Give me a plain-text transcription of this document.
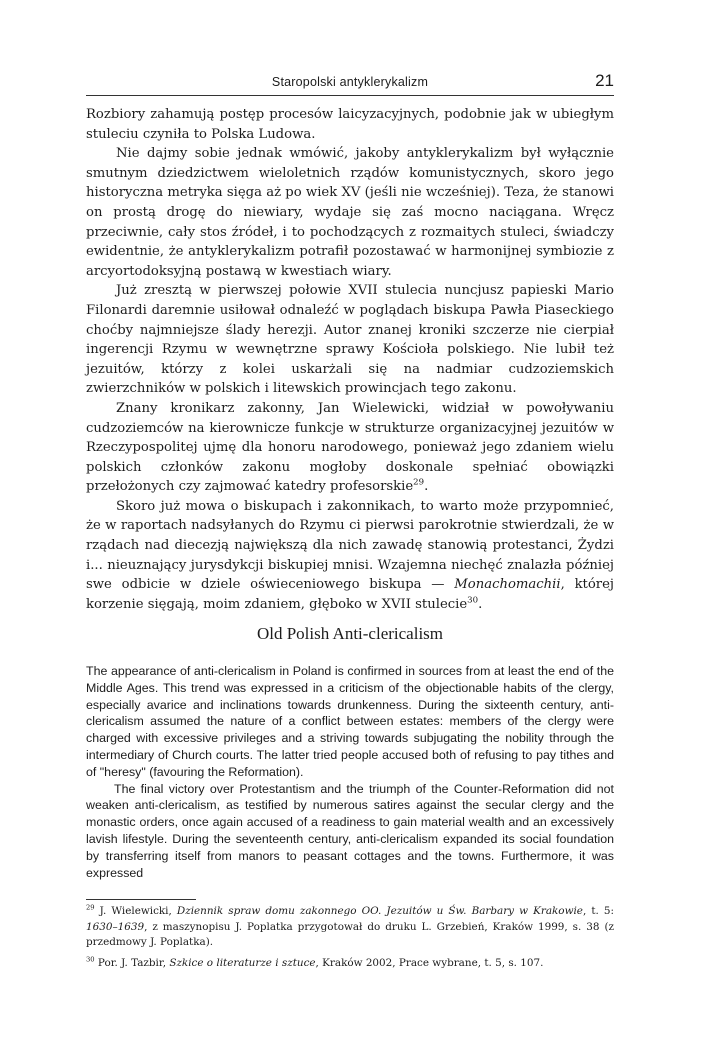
Staropolski antyklerykalizm	21

Rozbiory zahamują postęp procesów laicyzacyjnych, podobnie jak w ubiegłym stuleciu czyniła to Polska Ludowa.

Nie dajmy sobie jednak wmówić, jakoby antyklerykalizm był wyłącznie smutnym dziedzictwem wieloletnich rządów komunistycznych, skoro jego historyczna metryka sięga aż po wiek XV (jeśli nie wcześniej). Teza, że stanowi on prostą drogę do niewiary, wydaje się zaś mocno naciągana. Wręcz przeciwnie, cały stos źródeł, i to pochodzących z rozmaitych stuleci, świadczy ewidentnie, że antyklerykalizm potrafił pozostawać w harmonijnej symbiozie z arcyortodoksyjną postawą w kwestiach wiary.

Już zresztą w pierwszej połowie XVII stulecia nuncjusz papieski Mario Filonardi daremnie usiłował odnaleźć w poglądach biskupa Pawła Piaseckiego choćby najmniejsze ślady herezji. Autor znanej kroniki szczerze nie cierpiał ingerencji Rzymu w wewnętrzne sprawy Kościoła polskiego. Nie lubił też jezuitów, którzy z kolei uskarżali się na nadmiar cudzoziemskich zwierzchników w polskich i litewskich prowincjach tego zakonu.

Znany kronikarz zakonny, Jan Wielewicki, widział w powoływaniu cudzoziemców na kierownicze funkcje w strukturze organizacyjnej jezuitów w Rzeczypospolitej ujmę dla honoru narodowego, ponieważ jego zdaniem wielu polskich członków zakonu mogłoby doskonale spełniać obowiązki przełożonych czy zajmować katedry profesorskie$^{29}$.

Skoro już mowa o biskupach i zakonnikach, to warto może przypomnieć, że w raportach nadsyłanych do Rzymu ci pierwsi parokrotnie stwierdzali, że w rządach nad diecezją największą dla nich zawadę stanowią protestanci, Żydzi i... nieuznający jurysdykcji biskupiej mnisi. Wzajemna niechęć znalazła później swe odbicie w dziele oświeceniowego biskupa — Monachomachii, której korzenie sięgają, moim zdaniem, głęboko w XVII stulecie$^{30}$.

Old Polish Anti-clericalism

The appearance of anti-clericalism in Poland is confirmed in sources from at least the end of the Middle Ages. This trend was expressed in a criticism of the objectionable habits of the clergy, especially avarice and inclinations towards drunkenness. During the sixteenth century, anti-clericalism assumed the nature of a conflict between estates: members of the clergy were charged with excessive privileges and a striving towards subjugating the nobility through the intermediary of Church courts. The latter tried people accused both of refusing to pay tithes and of "heresy" (favouring the Reformation).

The final victory over Protestantism and the triumph of the Counter-Reformation did not weaken anti-clericalism, as testified by numerous satires against the secular clergy and the monastic orders, once again accused of a readiness to gain material wealth and an excessively lavish lifestyle. During the seventeenth century, anti-clericalism expanded its social foundation by transferring itself from manors to peasant cottages and the towns. Furthermore, it was expressed

$^{29}$ J. Wielewicki, Dziennik spraw domu zakonnego OO. Jezuitów u Św. Barbary w Krakowie, t. 5: 1630–1639, z maszynopisu J. Poplatka przygotował do druku L. Grzebień, Kraków 1999, s. 38 (z przedmowy J. Poplatka).

$^{30}$ Por. J. Tazbir, Szkice o literaturze i sztuce, Kraków 2002, Prace wybrane, t. 5, s. 107.
